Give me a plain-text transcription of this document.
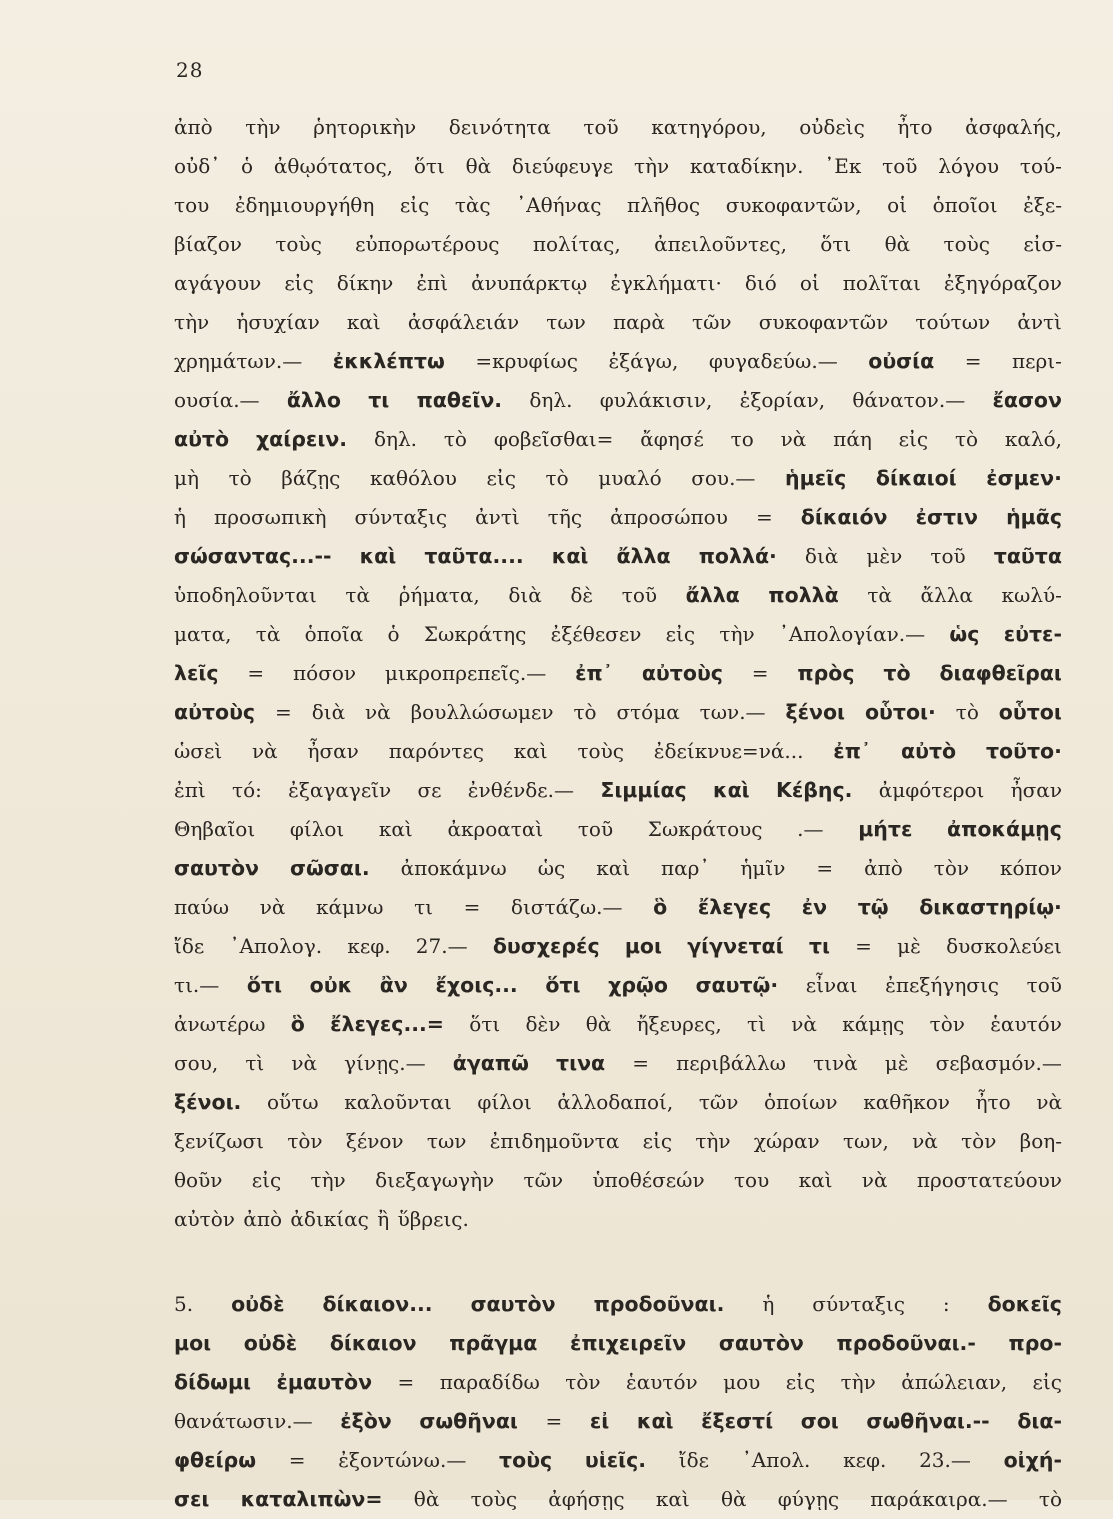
28
ἀπὸ τὴν ῥητορικὴν δεινότητα τοῦ κατηγόρου, οὐδεὶς ἦτο ἀσφαλής,
οὐδ᾽ ὁ ἀθῳότατος, ὅτι θὰ διεύφευγε τὴν καταδίκην. ᾽Εκ τοῦ λόγου τού-
του ἐδημιουργήθη εἰς τὰς ᾽Αθήνας πλῆθος συκοφαντῶν, οἱ ὁποῖοι ἐξε-
βίαζον τοὺς εὐπορωτέρους πολίτας, ἀπειλοῦντες, ὅτι θὰ τοὺς εἰσ-
αγάγουν εἰς δίκην ἐπὶ ἀνυπάρκτῳ ἐγκλήματι· διό οἱ πολῖται ἐξηγόραζον
τὴν ἡσυχίαν καὶ ἀσφάλειάν των παρὰ τῶν συκοφαντῶν τούτων ἀντὶ
χρημάτων.— ἐκκλέπτω =κρυφίως ἐξάγω, φυγαδεύω.— οὐσία = περι-
ουσία.— ἄλλο τι παθεῖν. δηλ. φυλάκισιν, ἐξορίαν, θάνατον.— ἔασον
αὐτὸ χαίρειν. δηλ. τὸ φοβεῖσθαι= ἄφησέ το νὰ πάη εἰς τὸ καλό,
μὴ τὸ βάζῃς καθόλου εἰς τὸ μυαλό σου.— ἡμεῖς δίκαιοί ἐσμεν·
ἡ προσωπικὴ σύνταξις ἀντὶ τῆς ἀπροσώπου = δίκαιόν ἐστιν ἡμᾶς
σώσαντας...-- καὶ ταῦτα.... καὶ ἄλλα πολλά· διὰ μὲν τοῦ ταῦτα
ὑποδηλοῦνται τὰ ῥήματα, διὰ δὲ τοῦ ἄλλα πολλὰ τὰ ἄλλα κωλύ-
ματα, τὰ ὁποῖα ὁ Σωκράτης ἐξέθεσεν εἰς τὴν ᾽Απολογίαν.— ὡς εὐτε-
λεῖς = πόσον μικροπρεπεῖς.— ἐπ᾽ αὐτοὺς = πρὸς τὸ διαφθεῖραι
αὐτοὺς = διὰ νὰ βουλλώσωμεν τὸ στόμα των.— ξένοι οὗτοι· τὸ οὗτοι
ὡσεὶ νὰ ἦσαν παρόντες καὶ τοὺς ἐδείκνυε=νά... ἐπ᾽ αὐτὸ τοῦτο·
ἐπὶ τό: ἐξαγαγεῖν σε ἐνθένδε.— Σιμμίας καὶ Κέβης. ἀμφότεροι ἦσαν
Θηβαῖοι φίλοι καὶ ἀκροαταὶ τοῦ Σωκράτους .— μήτε ἀποκάμῃς
σαυτὸν σῶσαι. ἀποκάμνω ὡς καὶ παρ᾽ ἡμῖν = ἀπὸ τὸν κόπον
παύω νὰ κάμνω τι = διστάζω.— ὃ ἔλεγες ἐν τῷ δικαστηρίῳ·
ἴδε ᾽Απολογ. κεφ. 27.— δυσχερές μοι γίγνεταί τι = μὲ δυσκολεύει
τι.— ὅτι οὐκ ἂν ἔχοις... ὅτι χρῷο σαυτῷ· εἶναι ἐπεξήγησις τοῦ
ἀνωτέρω ὃ ἔλεγες...= ὅτι δὲν θὰ ἤξευρες, τὶ νὰ κάμῃς τὸν ἑαυτόν
σου, τὶ νὰ γίνῃς.— ἀγαπῶ τινα = περιβάλλω τινὰ μὲ σεβασμόν.—
ξένοι. οὕτω καλοῦνται φίλοι ἀλλοδαποί, τῶν ὁποίων καθῆκον ἦτο νὰ
ξενίζωσι τὸν ξένον των ἐπιδημοῦντα εἰς τὴν χώραν των, νὰ τὸν βοη-
θοῦν εἰς τὴν διεξαγωγὴν τῶν ὑποθέσεών του καὶ νὰ προστατεύουν
αὐτὸν ἀπὸ ἀδικίας ἢ ὕβρεις.
5. οὐδὲ δίκαιον... σαυτὸν προδοῦναι. ἡ σύνταξις : δοκεῖς
μοι οὐδὲ δίκαιον πρᾶγμα ἐπιχειρεῖν σαυτὸν προδοῦναι.- προ-
δίδωμι ἐμαυτὸν = παραδίδω τὸν ἑαυτόν μου εἰς τὴν ἀπώλειαν, εἰς
θανάτωσιν.— ἐξὸν σωθῆναι = εἰ καὶ ἔξεστί σοι σωθῆναι.-- δια-
φθείρω = ἐξοντώνω.— τοὺς υἱεῖς. ἴδε ᾽Απολ. κεφ. 23.— οἰχή-
σει καταλιπὼν= θὰ τοὺς ἀφήσῃς καὶ θὰ φύγῃς παράκαιρα.— τὸ
